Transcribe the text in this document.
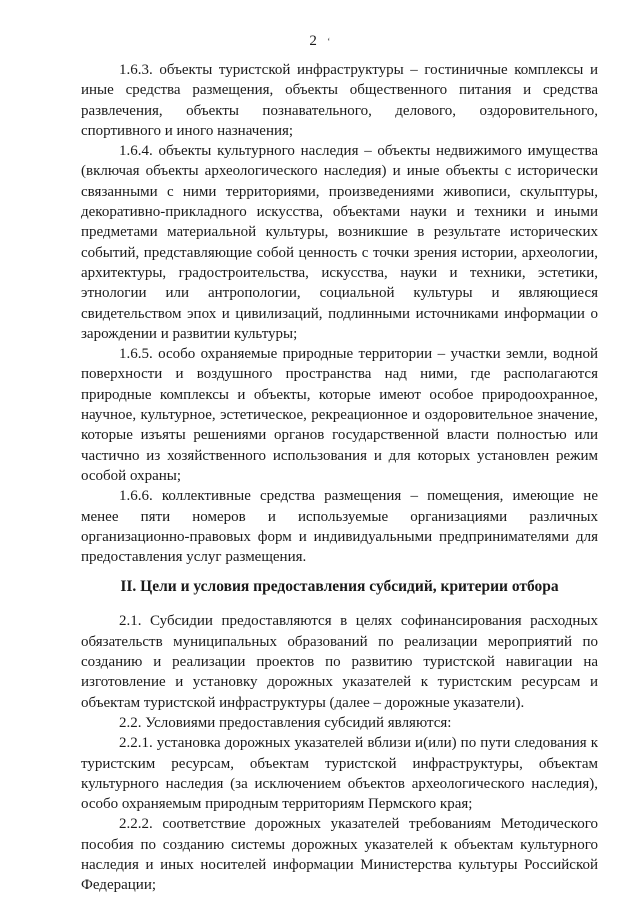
2 ʻ

1.6.3. объекты туристской инфраструктуры – гостиничные комплексы и иные средства размещения, объекты общественного питания и средства развлечения, объекты познавательного, делового, оздоровительного, спортивного и иного назначения;

1.6.4. объекты культурного наследия – объекты недвижимого имущества (включая объекты археологического наследия) и иные объекты с исторически связанными с ними территориями, произведениями живописи, скульптуры, декоративно-прикладного искусства, объектами науки и техники и иными предметами материальной культуры, возникшие в результате исторических событий, представляющие собой ценность с точки зрения истории, археологии, архитектуры, градостроительства, искусства, науки и техники, эстетики, этнологии или антропологии, социальной культуры и являющиеся свидетельством эпох и цивилизаций, подлинными источниками информации о зарождении и развитии культуры;

1.6.5. особо охраняемые природные территории – участки земли, водной поверхности и воздушного пространства над ними, где располагаются природные комплексы и объекты, которые имеют особое природоохранное, научное, культурное, эстетическое, рекреационное и оздоровительное значение, которые изъяты решениями органов государственной власти полностью или частично из хозяйственного использования и для которых установлен режим особой охраны;

1.6.6. коллективные средства размещения – помещения, имеющие не менее пяти номеров и используемые организациями различных организационно-правовых форм и индивидуальными предпринимателями для предоставления услуг размещения.

II. Цели и условия предоставления субсидий, критерии отбора

2.1. Субсидии предоставляются в целях софинансирования расходных обязательств муниципальных образований по реализации мероприятий по созданию и реализации проектов по развитию туристской навигации на изготовление и установку дорожных указателей к туристским ресурсам и объектам туристской инфраструктуры (далее – дорожные указатели).

2.2. Условиями предоставления субсидий являются:

2.2.1. установка дорожных указателей вблизи и(или) по пути следования к туристским ресурсам, объектам туристской инфраструктуры, объектам культурного наследия (за исключением объектов археологического наследия), особо охраняемым природным территориям Пермского края;

2.2.2. соответствие дорожных указателей требованиям Методического пособия по созданию системы дорожных указателей к объектам культурного наследия и иных носителей информации Министерства культуры Российской Федерации;
